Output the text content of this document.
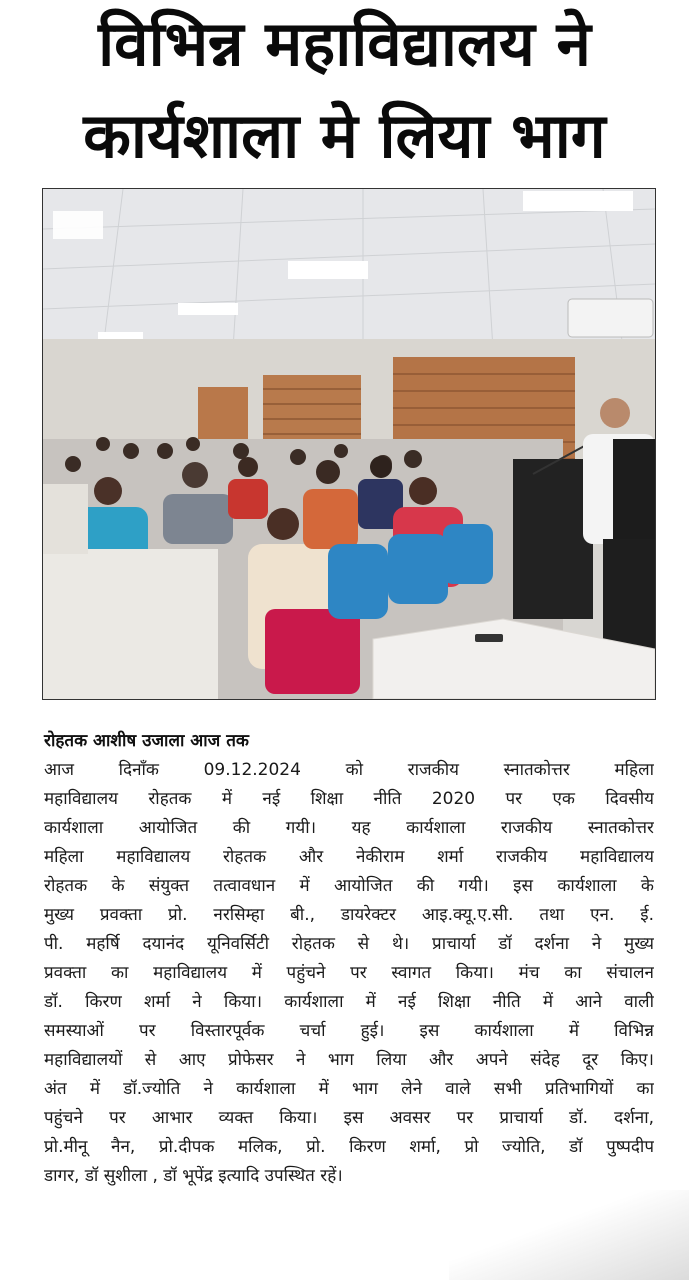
विभिन्न महाविद्यालय ने
कार्यशाला मे लिया भाग
रोहतक आशीष उजाला आज तक
आज दिनाँक 09.12.2024 को राजकीय स्नातकोत्तर महिला
महाविद्यालय रोहतक में नई शिक्षा नीति 2020 पर एक दिवसीय
कार्यशाला आयोजित की गयी। यह कार्यशाला राजकीय स्नातकोत्तर
महिला महाविद्यालय रोहतक और नेकीराम शर्मा राजकीय महाविद्यालय
रोहतक के संयुक्त तत्वावधान में आयोजित की गयी। इस कार्यशाला के
मुख्य प्रवक्ता प्रो. नरसिम्हा बी., डायरेक्टर आइ.क्यू.ए.सी. तथा एन. ई.
पी. महर्षि दयानंद यूनिवर्सिटी रोहतक से थे। प्राचार्या डॉ दर्शना ने मुख्य
प्रवक्ता का महाविद्यालय में पहुंचने पर स्वागत किया। मंच का संचालन
डॉ. किरण शर्मा ने किया। कार्यशाला में नई शिक्षा नीति में आने वाली
समस्याओं पर विस्तारपूर्वक चर्चा हुई। इस कार्यशाला में विभिन्न
महाविद्यालयों से आए प्रोफेसर ने भाग लिया और अपने संदेह दूर किए।
अंत में डॉ.ज्योति ने कार्यशाला में भाग लेने वाले सभी प्रतिभागियों का
पहुंचने पर आभार व्यक्त किया। इस अवसर पर प्राचार्या डॉ. दर्शना,
प्रो.मीनू नैन, प्रो.दीपक मलिक, प्रो. किरण शर्मा, प्रो ज्योति, डॉ पुष्पदीप
डागर, डॉ सुशीला , डॉ भूपेंद्र इत्यादि उपस्थित रहें।
